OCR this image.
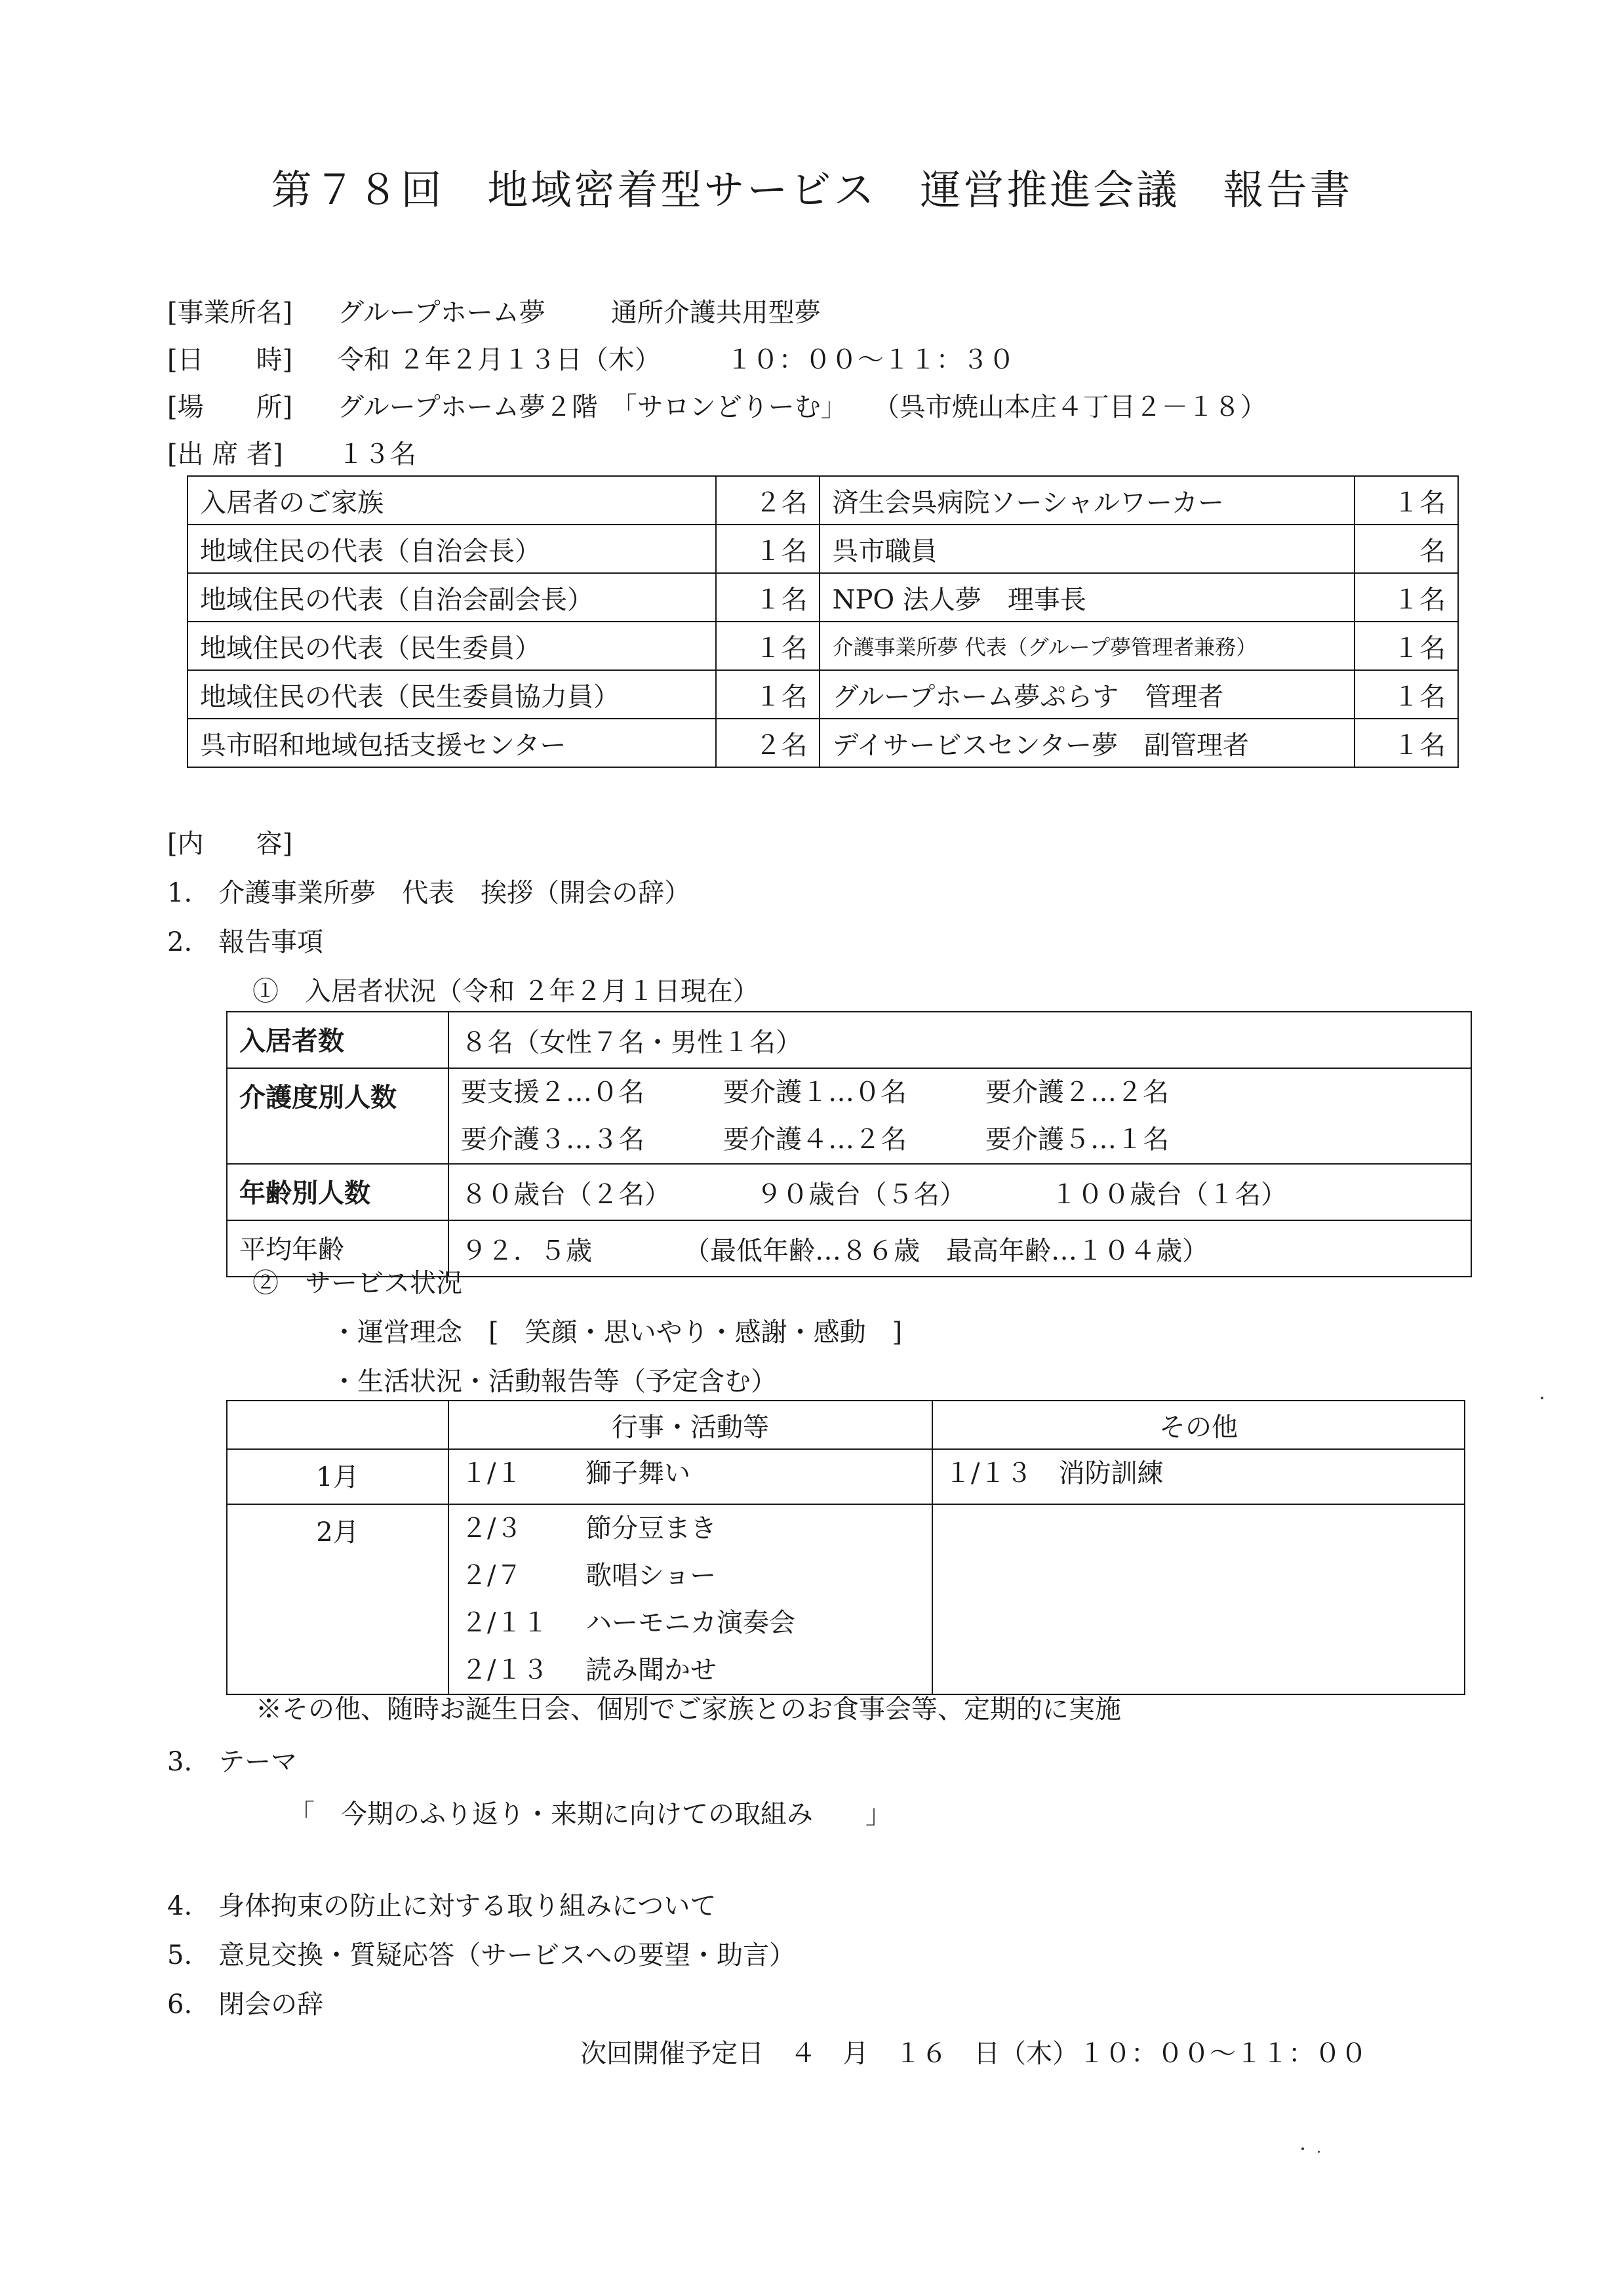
第７８回　地域密着型サービス　運営推進会議　報告書
[事業所名] グループホーム夢	通所介護共用型夢
[日　　時] 令和 ２年２月１３日（木）	１０：００～１１：３０
[場　　所] グループホーム夢２階　「サロンどりーむ」 （呉市焼山本庄４丁目２－１８）
[出 席 者] １３名
入居者のご家族	２名	済生会呉病院ソーシャルワーカー	１名
地域住民の代表（自治会長）	１名	呉市職員	名
地域住民の代表（自治会副会長）	１名	NPO 法人夢　理事長	１名
地域住民の代表（民生委員）	１名	介護事業所夢 代表（グループ夢管理者兼務）	１名
地域住民の代表（民生委員協力員）	１名	グループホーム夢ぷらす　管理者	１名
呉市昭和地域包括支援センター	２名	デイサービスセンター夢　副管理者	１名
[内　　容]
1.　介護事業所夢　代表　挨拶（開会の辞）
2.　報告事項
①　入居者状況（令和 ２年２月１日現在）
入居者数	８名（女性７名・男性１名）
介護度別人数	要支援２…０名 要介護１…０名 要介護２…２名
要介護３…３名 要介護４…２名 要介護５…１名

年齢別人数	８０歳台（２名） ９０歳台（５名） １００歳台（１名）
平均年齢	９２．５歳 （最低年齢…８６歳　最高年齢…１０４歳）
②　サービス状況
・運営理念　[　笑顔・思いやり・感謝・感動　]
・生活状況・活動報告等（予定含む）
	行事・活動等	その他
1月	１/１ 獅子舞い	１/１３　消防訓練
2月	２/３ 節分豆まき
２/７ 歌唱ショー
２/１１ ハーモニカ演奏会
２/１３ 読み聞かせ	

※その他、随時お誕生日会、個別でご家族とのお食事会等、定期的に実施
3.　テーマ
「　今期のふり返り・来期に向けての取組み　　」
4.　身体拘束の防止に対する取り組みについて
5.　意見交換・質疑応答（サービスへの要望・助言）
6.　閉会の辞
次回開催予定日　４　月　１６　日（木）１０：００～１１：００
